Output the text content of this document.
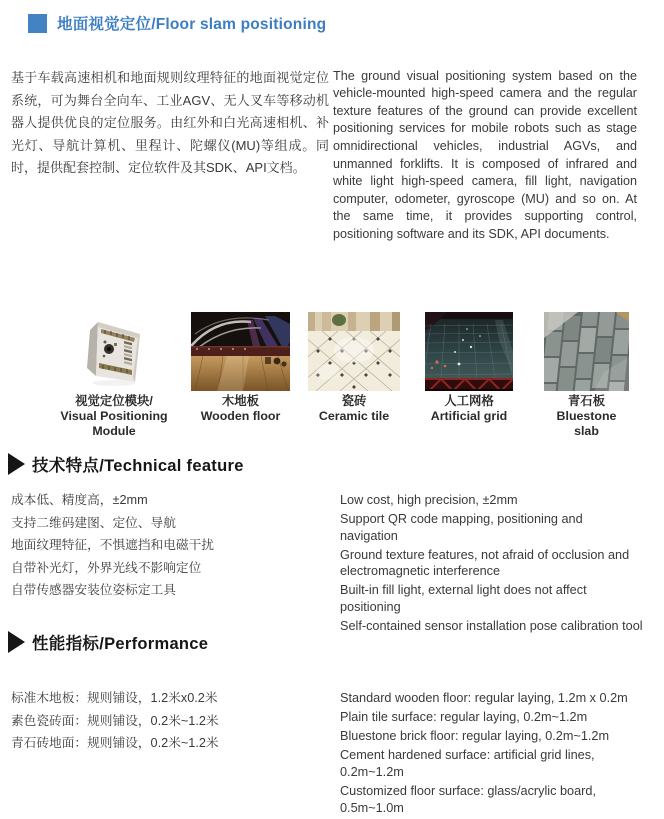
地面视觉定位/Floor slam positioning

基于车载高速相机和地面规则纹理特征的地面视觉定位系统，可为舞台全向车、工业AGV、无人叉车等移动机器人提供优良的定位服务。由红外和白光高速相机、补光灯、导航计算机、里程计、陀螺仪(MU)等组成。同时，提供配套控制、定位软件及其SDK、API文档。

The ground visual positioning system based on the vehicle-mounted high-speed camera and the regular texture features of the ground can provide excellent positioning services for mobile robots such as stage omnidirectional vehicles, industrial AGVs, and unmanned forklifts. It is composed of infrared and white light high-speed camera, fill light, navigation computer, odometer, gyroscope (MU) and so on. At the same time, it provides supporting control, positioning software and its SDK, API documents.

视觉定位模块/
Visual Positioning Module
木地板
Wooden floor
瓷砖
Ceramic tile
人工网格
Artificial grid
青石板
Bluestone slab
技术特点/Technical feature
成本低、精度高，±2mm
支持二维码建图、定位、导航
地面纹理特征，不惧遮挡和电磁干扰
自带补光灯，外界光线不影响定位
自带传感器安装位姿标定工具
Low cost, high precision, ±2mm
Support QR code mapping, positioning and navigation
Ground texture features, not afraid of occlusion and electromagnetic interference
Built-in fill light, external light does not affect positioning
Self-contained sensor installation pose calibration tool
性能指标/Performance
标准木地板：规则铺设，1.2米x0.2米
素色瓷砖面：规则铺设，0.2米~1.2米
青石砖地面：规则铺设，0.2米~1.2米
Standard wooden floor: regular laying, 1.2m x 0.2m
Plain tile surface: regular laying, 0.2m~1.2m
Bluestone brick floor: regular laying, 0.2m~1.2m
Cement hardened surface: artificial grid lines, 0.2m~1.2m
Customized floor surface: glass/acrylic board, 0.5m~1.0m
